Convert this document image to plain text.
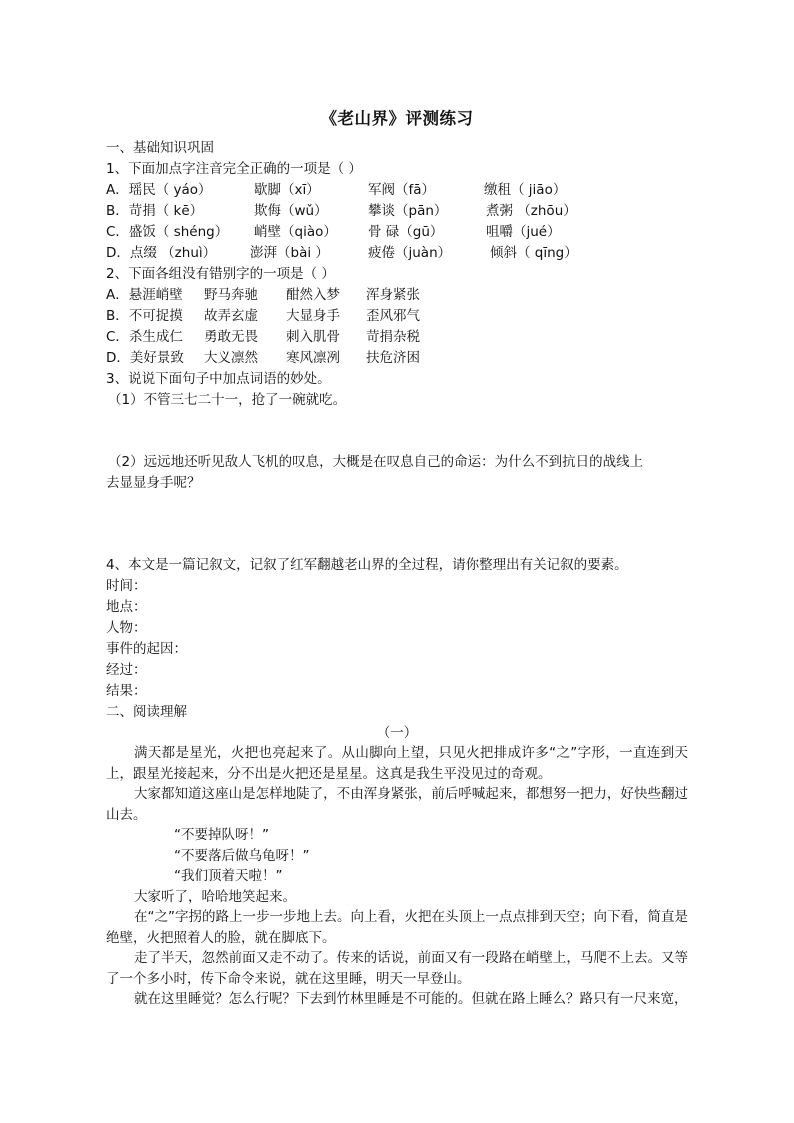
《老山界》评测练习
一、基础知识巩固
1、下面加点字注音完全正确的一项是（ ）
A．瑶民（ yáo）	歇脚（xī）	军阀（fā）	缴租（ jiāo）
B．苛捐（ kē）	欺侮（wǔ）	攀谈（pān）	煮粥 （zhōu）
C．盛饭（ shéng） 峭壁（qiào） 骨 碌（gū）	咀嚼（jué）
D．点缀 （zhuì）	澎湃（bài ）	疲倦（juàn）	倾斜（ qīng）
2、下面各组没有错别字的一项是（ ）
A．悬涯峭壁 野马奔驰 酣然入梦 浑身紧张
B．不可捉摸 故弄玄虚 大显身手 歪风邪气
C．杀生成仁 勇敢无畏 刺入肌骨 苛捐杂税
D．美好景致 大义凛然 寒风凛冽 扶危济困
3、说说下面句子中加点词语的妙处。
（1）不管三七二十一，抢了一碗就吃。
（2）远远地还听见敌人飞机的叹息，大概是在叹息自己的命运：为什么不到抗日的战线上
去显显身手呢？
4、本文是一篇记叙文，记叙了红军翻越老山界的全过程，请你整理出有关记叙的要素。
时间：
地点：
人物：
事件的起因：
经过：
结果：
二、阅读理解
（一）

满天都是星光，火把也亮起来了。从山脚向上望，只见火把排成许多“之”字形，一直连到天上，跟星光接起来，分不出是火把还是星星。这真是我生平没见过的奇观。

大家都知道这座山是怎样地陡了，不由浑身紧张，前后呼喊起来，都想努一把力，好快些翻过山去。

“不要掉队呀！”

“不要落后做乌龟呀！”

“我们顶着天啦！”

大家听了，哈哈地笑起来。

在“之”字拐的路上一步一步地上去。向上看，火把在头顶上一点点排到天空；向下看，简直是绝壁，火把照着人的脸，就在脚底下。

走了半天，忽然前面又走不动了。传来的话说，前面又有一段路在峭壁上，马爬不上去。又等了一个多小时，传下命令来说，就在这里睡，明天一早登山。

就在这里睡觉？怎么行呢？下去到竹林里睡是不可能的。但就在路上睡么？路只有一尺来宽，
